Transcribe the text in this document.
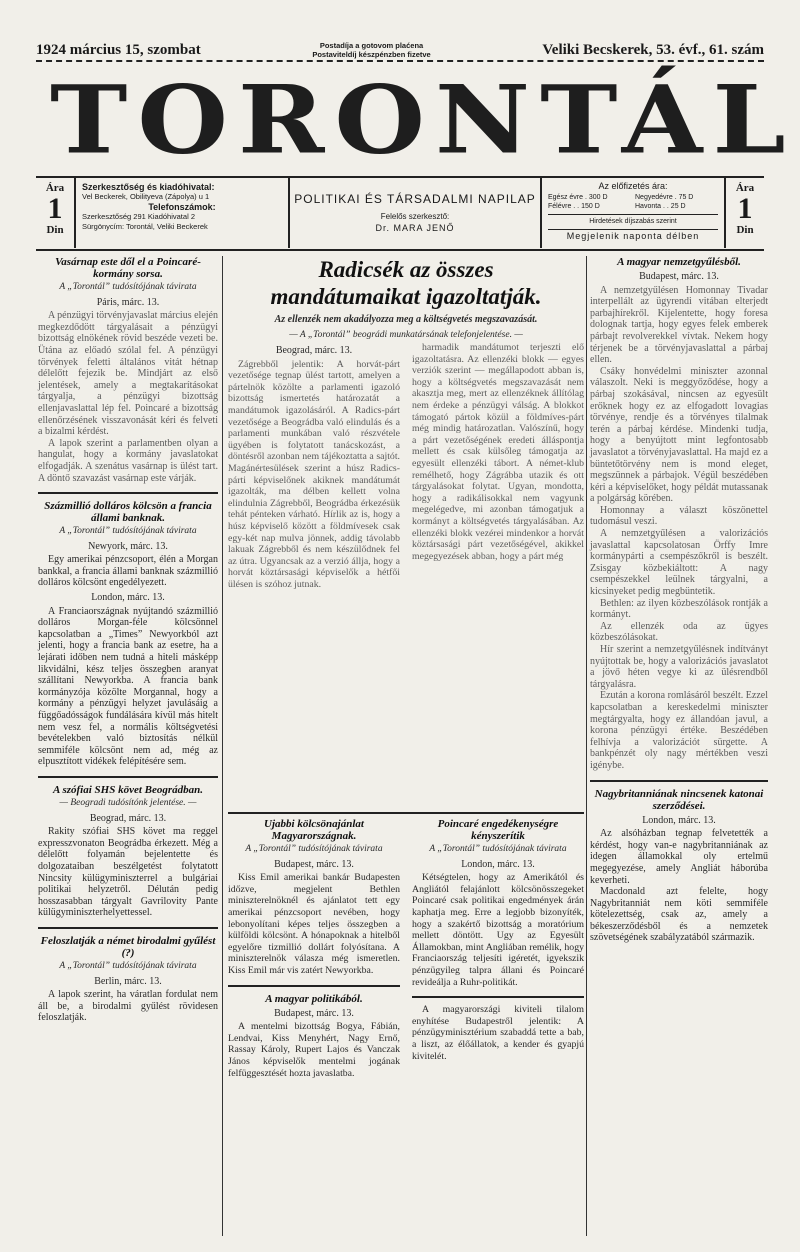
1924 március 15, szombat	Postadíja a gotovom plaćena
Postaviteldíj készpénzben fizetve	Veliki Becskerek, 53. évf., 61. szám
TORONTÁL
Ára
1
Din
Szerkesztőség és kiadóhivatal:
Vel Beckerek, Obilityeva (Zápolya) u 1
Telefonszámok:
Szerkesztőség 291 Kiadóhivatal 2
Sürgönycím: Torontál, Veliki Beckerek
POLITIKAI ÉS TÁRSADALMI NAPILAP
Felelős szerkesztő:
Dr. MARA JENŐ
Az előfizetés ára:
Egész évre . 300 D	Negyedévre . 75 D
Félévre . . 150 D	Havonta . . 25 D
Hirdetések díjszabás szerint
Megjelenik naponta délben
Ára
1
Din
Vasárnap este dől el a Poincaré-kormány sorsa.
A „Torontál” tudósítójának távirata
Páris, márc. 13.

A pénzügyi törvényjavaslat március elején megkezdődött tárgyalásait a pénzügyi bizottság elnökének rövid beszéde vezeti be. Ütána az előadó szólal fel. A pénzügyi törvények feletti általános vitát hétnap délelőtt fejezik be. Mindjárt az első jelentések, amely a megtakarításokat tárgyalja, a pénzügyi bizottság ellenjavaslattal lép fel. Poincaré a bizottság ellenőrzésének visszavonását kéri és felveti a bizalmi kérdést.

A lapok szerint a parlamentben olyan a hangulat, hogy a kormány javaslatokat elfogadják. A szenátus vasárnap is ülést tart. A döntő szavazást vasárnap este várják.

Százmillió dolláros kölcsön a francia állami banknak.
A „Torontál” tudósítójának távirata
Newyork, márc. 13.

Egy amerikai pénzcsoport, élén a Morgan bankkal, a francia állami banknak százmillió dolláros kölcsönt engedélyezett.

London, márc. 13.

A Franciaországnak nyújtandó százmillió dolláros Morgan-féle kölcsönnel kapcsolatban a „Times” Newyorkból azt jelenti, hogy a francia bank az esetre, ha a lejárati időben nem tudná a hiteli másképp likvidálni, kész teljes összegben aranyat szállítani Newyorkba. A francia bank kormányzója közölte Morgannal, hogy a kormány a pénzügyi helyzet javulásáig a függőadósságok fundálására kívül más hitelt nem vesz fel, a normális költségvetési bevételekben való biztosítás nélkül semmiféle kölcsönt nem ad, még az elpusztított vidékek felépítésére sem.

A szófiai SHS követ Beográdban.
— Beogradi tudósítónk jelentése. —
Beograd, márc. 13.

Rakity szófiai SHS követ ma reggel expresszvonaton Beográdba érkezett. Még a délelőtt folyamán bejelentette és dolgozataiban beszélgetést folytatott Nincsity külügyminiszterrel a bulgáriai politikai helyzetről. Délután pedig hosszasabban tárgyalt Gavrilovity Pante külügyminiszterhelyettessel.

Feloszlatják a német birodalmi gyűlést (?)
A „Torontál” tudósítójának távirata
Berlin, márc. 13.

A lapok szerint, ha váratlan fordulat nem áll be, a birodalmi gyűlést rövidesen feloszlatják.

Radicsék az összes
mandátumaikat igazoltatják.
Az ellenzék nem akadályozza meg a költségvetés megszavazását.
— A „Torontál” beográdi munkatársának telefonjelentése. —
Beograd, márc. 13.

Zágrebből jelentik: A horvát-párt vezetősége tegnap ülést tartott, amelyen a pártelnök közölte a parlamenti igazoló bizottság ismertetés határozatát a mandátumok igazolásáról. A Radics-párt vezetősége a Beográdba való elindulás és a parlamenti munkában való részvétele ügyében is folytatott tanácskozást, a döntésről azonban nem tájékoztatta a sajtót. Magánértesülések szerint a húsz Radics-párti képviselőnek akiknek mandátumát igazolták, ma délben kellett volna elindulnia Zágrebből, Beográdba érkezésük tehát pénteken várható. Hírlik az is, hogy a húsz képviselő között a földmívesek csak egy-két nap mulva jönnek, addig távolabb lakuak Zágrebből és nem készülődnek fel az útra. Ugyancsak az a verzió állja, hogy a horvát köztársasági képviselők a hétfői ülésen is szóhoz jutnak.

harmadik mandátumot terjeszti elő igazoltatásra. Az ellenzéki blokk — egyes verziók szerint — megállapodott abban is, hogy a költségvetés megszavazását nem akasztja meg, mert az ellenzéknek állítólag nem érdeke a pénzügyi válság. A blokkot támogató pártok közül a földmíves-párt még mindig határozatlan. Valószínű, hogy a párt vezetőségének eredeti álláspontja mellett és csak külsőleg támogatja az egyesült ellenzéki tábort. A német-klub remélhető, hogy Zágrábba utazik és ott tárgyalásokat folytat. Ugyan, mondotta, hogy a radikálisokkal nem vagyunk megelégedve, mi azonban támogatjuk a kormányt a költségvetés tárgyalásában. Az ellenzéki blokk vezérei mindenkor a horvát köztársasági párt vezetőségével, akikkel megegyezések abban, hogy a párt még

Ujabbi kölcsönajánlat Magyarországnak.
A „Torontál” tudósítójának távirata
Budapest, márc. 13.

Kiss Emil amerikai bankár Budapesten időzve, megjelent Bethlen miniszterelnöknél és ajánlatot tett egy amerikai pénzcsoport nevében, hogy lebonyolítani képes teljes összegben a külföldi kölcsönt. A hónapoknak a hitelből egyelőre tizmillió dollárt folyósítana. A miniszterelnök válasza még ismeretlen. Kiss Emil már vis zatért Newyorkba.

A magyar politikából.
Budapest, márc. 13.

A mentelmi bizottság Bogya, Fábián, Lendvai, Kiss Menyhért, Nagy Ernő, Rassay Károly, Rupert Lajos és Vanczak János képviselők mentelmi jogának felfüggesztését hozta javaslatba.

Poincaré engedékenységre kényszerítik
A „Torontál” tudósítójának távirata
London, márc. 13.

Kétségtelen, hogy az Amerikától és Angliától felajánlott kölcsönösszegeket Poincaré csak politikai engedmények árán kaphatja meg. Erre a legjobb bizonyíték, hogy a szakértő bizottság a moratórium mellett döntött. Ugy az Egyesült Államokban, mint Angliában remélik, hogy Franciaország teljesíti igéretét, igyekszik pénzügyileg talpra állani és Poincaré revideálja a Ruhr-politikát.

A magyarországi kiviteli tilalom enyhítése Budapestről jelentik: A pénzügyminisztérium szabaddá tette a bab, a liszt, az élőállatok, a kender és gyapjú kivitelét.

A magyar nemzetgyűlésből.
Budapest, márc. 13.

A nemzetgyűlésen Homonnay Tivadar interpellált az ügyrendi vitában elterjedt parbajhírekről. Kijelentette, hogy foresa dolognak tartja, hogy egyes felek emberek párbajt revolverekkel vívtak. Nekem hogy térjenek be a törvényjavaslattal a párbaj ellen.

Csáky honvédelmi miniszter azonnal válaszolt. Neki is meggyőződése, hogy a párbaj szokásával, nincsen az egyesült erőknek hogy ez az elfogadott lovagias törvénye, rendje és a törvényes tilalmak terén a párbaj kérdése. Mindenki tudja, hogy a benyújtott mint legfontosabb javaslatot a törvényjavaslattal. Ha majd ez a büntetőtörvény nem is mond eleget, megszünnek a párbajok. Végül beszédében kéri a képviselőket, hogy példát mutassanak a polgárság körében.

Homonnay a választ köszönettel tudomásul veszi.

A nemzetgyűlésen a valorizációs javaslattal kapcsolatosan Örffy Imre kormánypárti a csempészőkről is beszélt. Zsisgay közbekiáltott: A nagy csempészekkel leülnek tárgyalni, a kicsinyeket pedig megbüntetik.

Bethlen: az ilyen közbeszólások rontják a kormányt.

Az ellenzék oda az ügyes közbeszólásokat.

Hír szerint a nemzetgyűlésnek indítványt nyújtottak be, hogy a valorizációs javaslatot a jövő héten vegye ki az ülésrendből tárgyalásra.

Ezután a korona romlásáról beszélt. Ezzel kapcsolatban a kereskedelmi miniszter megtárgyalta, hogy ez állandóan javul, a korona pénzügyi értéke. Beszédében felhívja a valorizációt sürgette. A bankpénzét oly nagy mértékben veszi igénybe.

Nagybritanniának nincsenek katonai szerződései.
London, márc. 13.

Az alsóházban tegnap felvetették a kérdést, hogy van-e nagybritanniának az idegen államokkal oly ertelmű megegyezése, amely Angliát háborúba keverheti.

Macdonald azt felelte, hogy Nagybritanniát nem köti semmiféle kötelezettség, csak az, amely a békeszerződésből és a nemzetek szövetségének szabályzatából származik.
